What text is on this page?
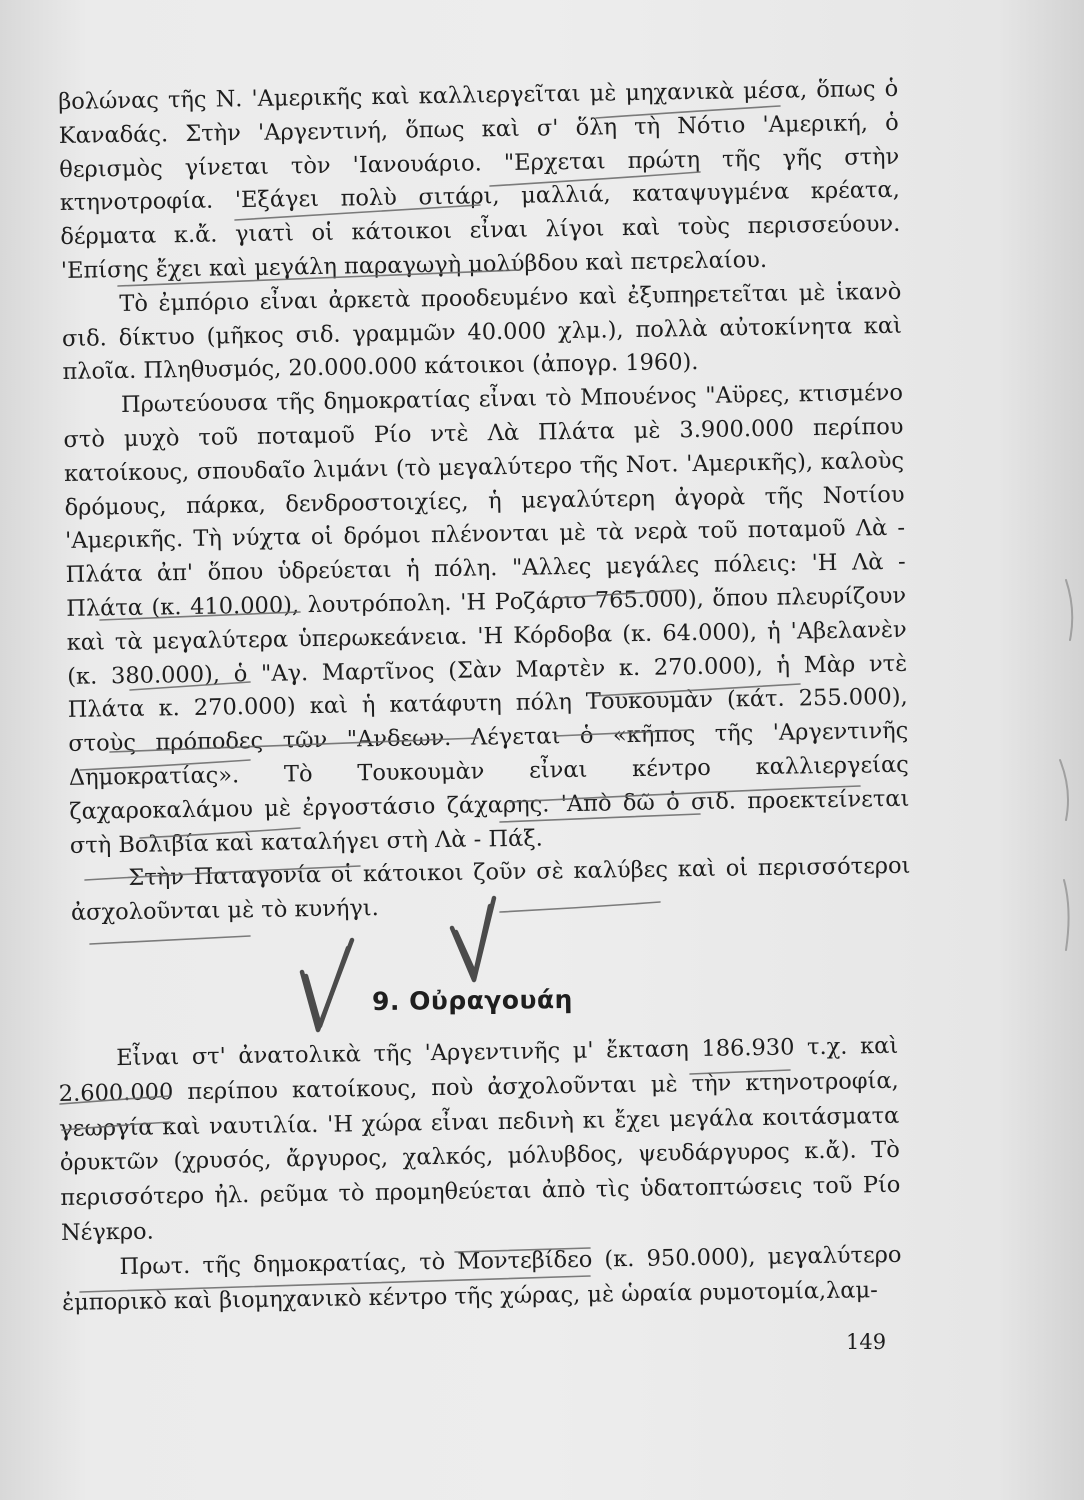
βολώνας τῆς Ν. 'Αμερικῆς καὶ καλλιεργεῖται μὲ μηχανικὰ μέσα, ὅπως ὁ Καναδάς. Στὴν 'Αργεντινή, ὅπως καὶ σ' ὅλη τὴ Νότιο 'Αμερική, ὁ θερισμὸς γίνεται τὸν 'Ιανουάριο. "Ερχεται πρώτη τῆς γῆς στὴν κτηνοτροφία. 'Εξάγει πολὺ σιτάρι, μαλλιά, καταψυγμένα κρέατα, δέρματα κ.ἄ. γιατὶ οἱ κάτοικοι εἶναι λίγοι καὶ τοὺς περισσεύουν. 'Επίσης ἔχει καὶ μεγάλη παραγωγὴ μολύβδου καὶ πετρελαίου.

Τὸ ἐμπόριο εἶναι ἀρκετὰ προοδευμένο καὶ ἐξυπηρετεῖται μὲ ἱκανὸ σιδ. δίκτυο (μῆκος σιδ. γραμμῶν 40.000 χλμ.), πολλὰ αὐτοκίνητα καὶ πλοῖα. Πληθυσμός, 20.000.000 κάτοικοι (ἀπογρ. 1960).

Πρωτεύουσα τῆς δημοκρατίας εἶναι τὸ Μπουένος "Αϋρες, κτισμένο στὸ μυχὸ τοῦ ποταμοῦ Ρίο ντὲ Λὰ Πλάτα μὲ 3.900.000 περίπου κατοίκους, σπουδαῖο λιμάνι (τὸ μεγαλύτερο τῆς Νοτ. 'Αμερικῆς), καλοὺς δρόμους, πάρκα, δενδροστοιχίες, ἡ μεγαλύτερη ἀγορὰ τῆς Νοτίου 'Αμερικῆς. Τὴ νύχτα οἱ δρόμοι πλένονται μὲ τὰ νερὰ τοῦ ποταμοῦ Λὰ - Πλάτα ἀπ' ὅπου ὑδρεύεται ἡ πόλη. "Αλλες μεγάλες πόλεις: 'Η Λὰ - Πλάτα (κ. 410.000), λουτρόπολη. 'Η Ροζάριο 765.000), ὅπου πλευρίζουν καὶ τὰ μεγαλύτερα ὑπερωκεάνεια. 'Η Κόρδοβα (κ. 64.000), ἡ 'Αβελανὲν (κ. 380.000), ὁ "Αγ. Μαρτῖνος (Σὰν Μαρτὲν κ. 270.000), ἡ Μὰρ ντὲ Πλάτα κ. 270.000) καὶ ἡ κατάφυτη πόλη Τουκουμὰν (κάτ. 255.000), στοὺς πρόποδες τῶν "Ανδεων. Λέγεται ὁ «κῆπος τῆς 'Αργεντινῆς Δημοκρατίας». Τὸ Τουκουμὰν εἶναι κέντρο καλλιεργείας ζαχαροκαλάμου μὲ ἐργοστάσιο ζάχαρης. 'Απὸ δῶ ὁ σιδ. προεκτείνεται στὴ Βολιβία καὶ καταλήγει στὴ Λὰ - Πάξ.

Στὴν Παταγονία οἱ κάτοικοι ζοῦν σὲ καλύβες καὶ οἱ περισσότεροι ἀσχολοῦνται μὲ τὸ κυνήγι.

9. Οὐραγουάη

Εἶναι στ' ἀνατολικὰ τῆς 'Αργεντινῆς μ' ἔκταση 186.930 τ.χ. καὶ 2.600.000 περίπου κατοίκους, ποὺ ἀσχολοῦνται μὲ τὴν κτηνοτροφία, γεωργία καὶ ναυτιλία. 'Η χώρα εἶναι πεδινὴ κι ἔχει μεγάλα κοιτάσματα ὀρυκτῶν (χρυσός, ἄργυρος, χαλκός, μόλυβδος, ψευδάργυρος κ.ἄ). Τὸ περισσότερο ἠλ. ρεῦμα τὸ προμηθεύεται ἀπὸ τὶς ὑδατοπτώσεις τοῦ Ρίο Νέγκρο.

Πρωτ. τῆς δημοκρατίας, τὸ Μοντεβίδεο (κ. 950.000), μεγαλύτερο ἐμπορικὸ καὶ βιομηχανικὸ κέντρο τῆς χώρας, μὲ ὡραία ρυμοτομία,λαμ-

149
